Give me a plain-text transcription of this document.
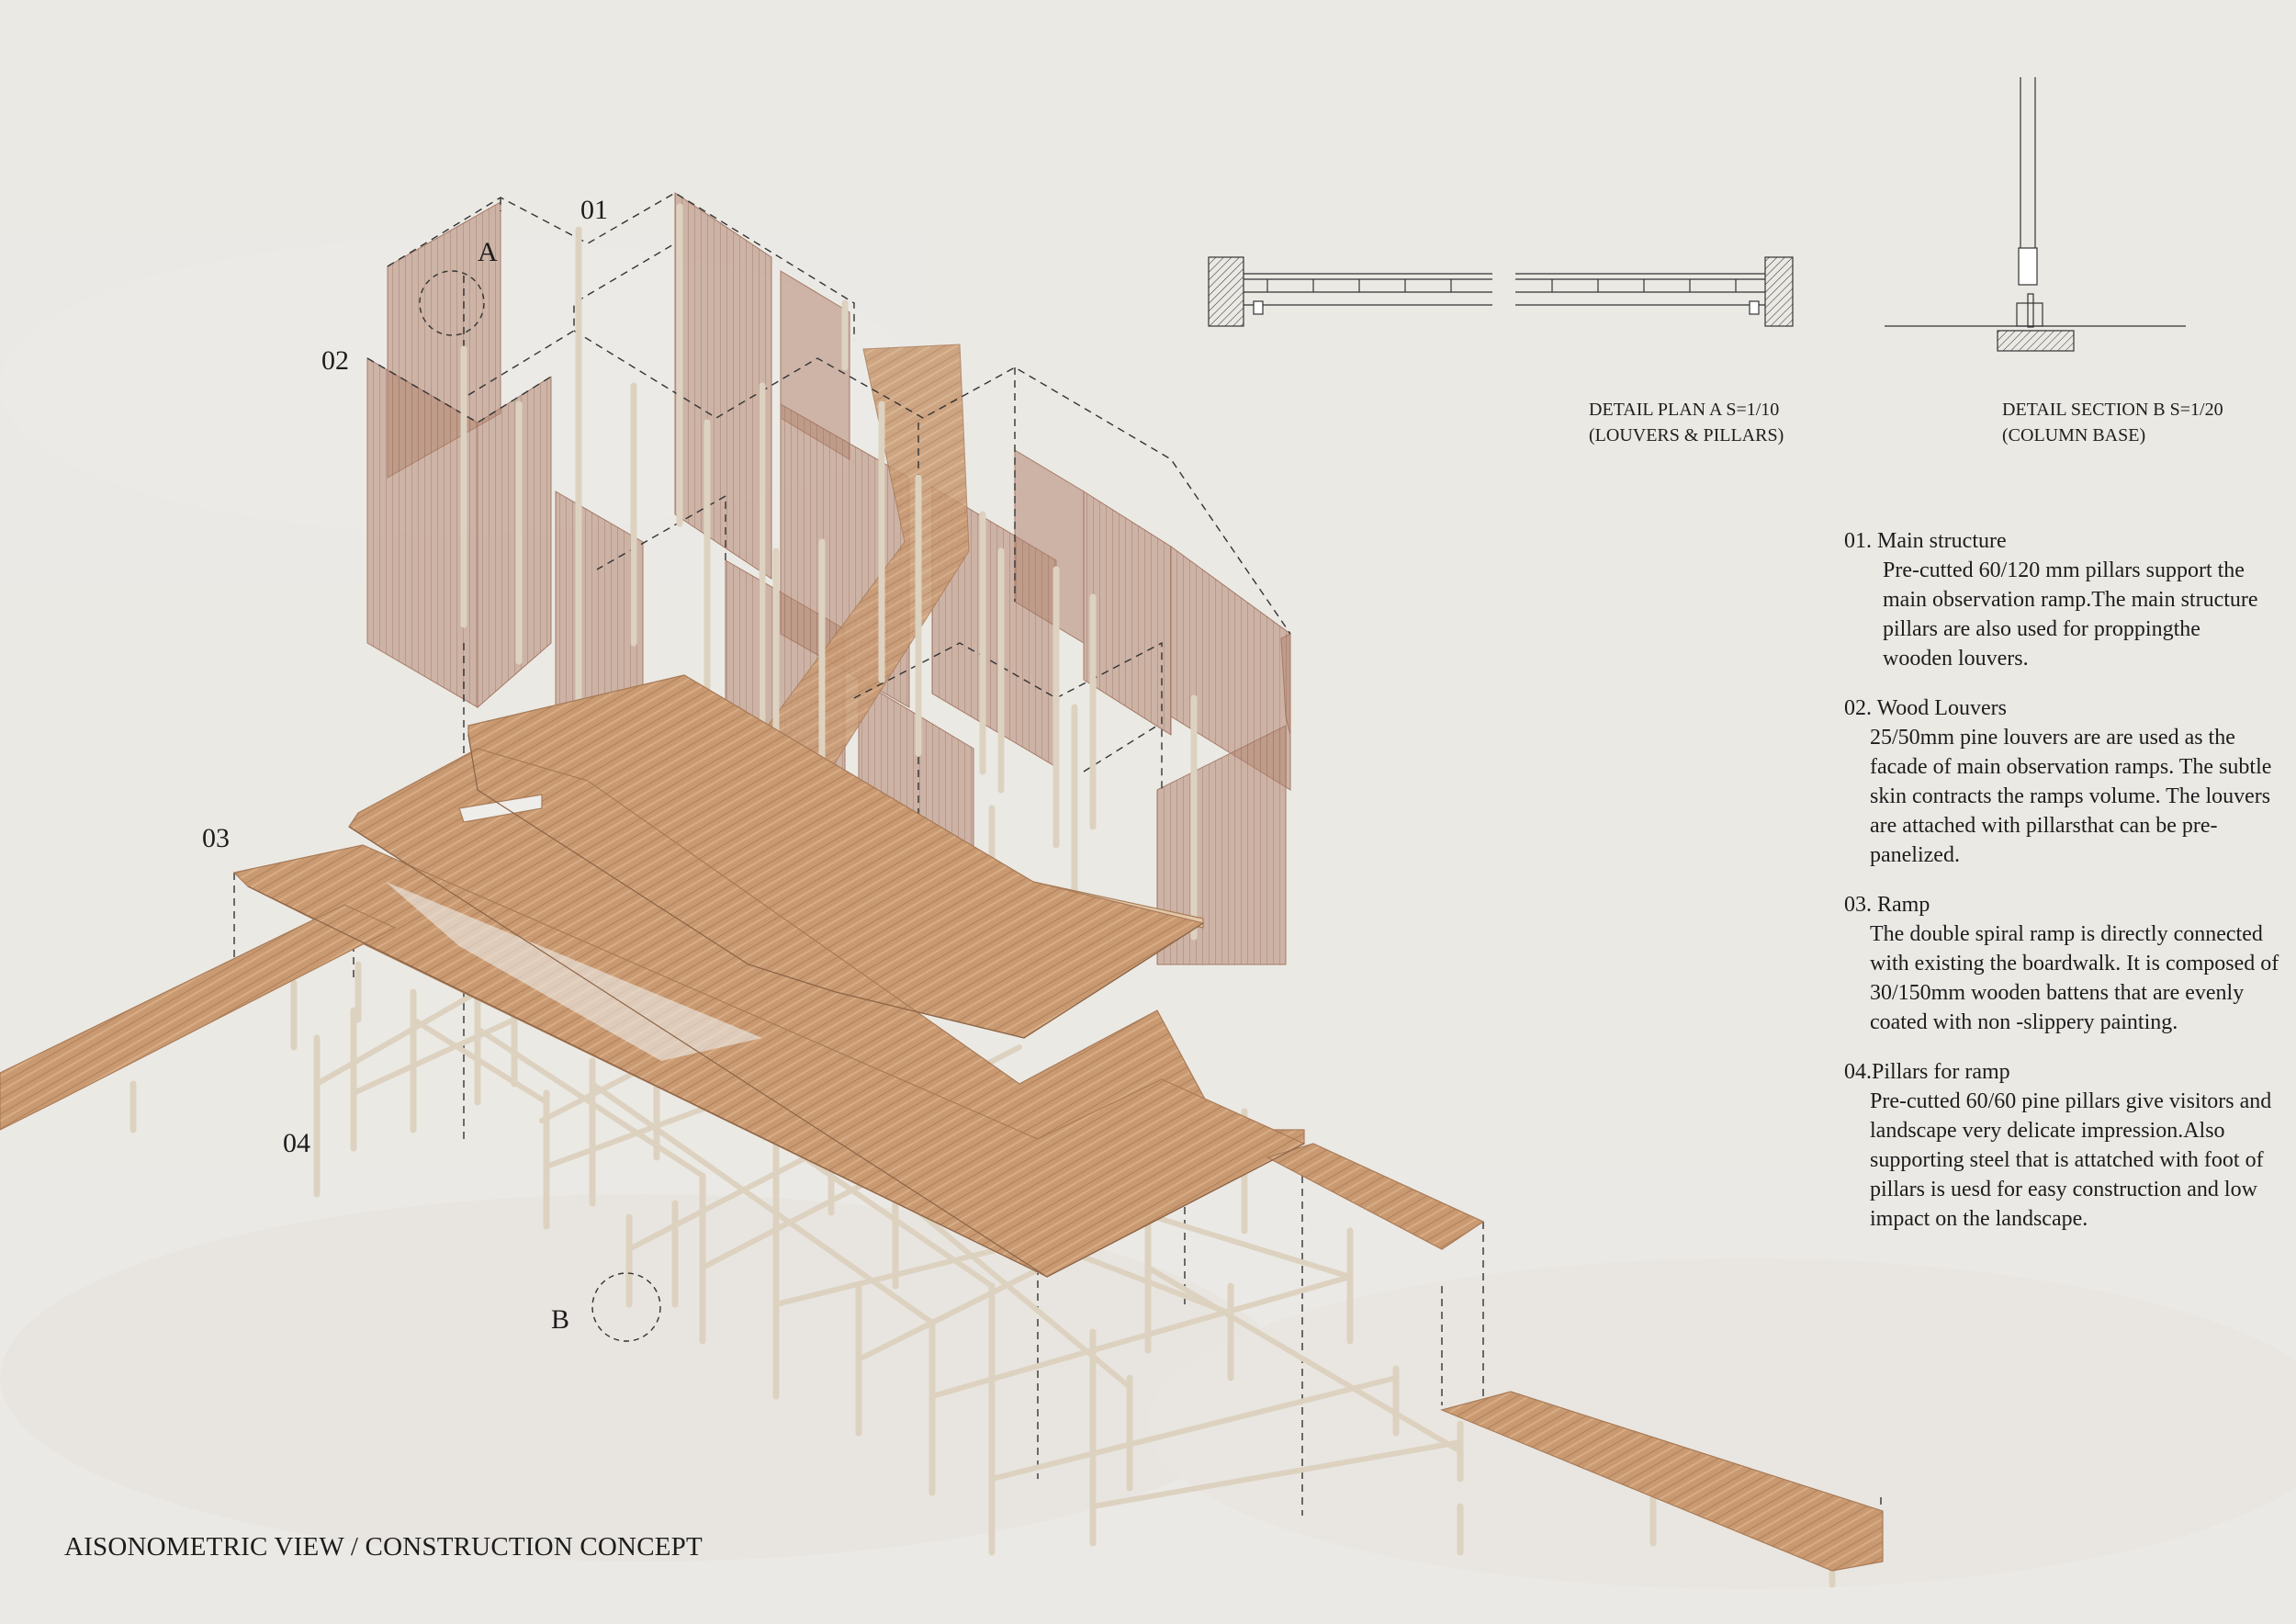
01
A
02
03
04
B
DETAIL PLAN A S=1/10
(LOUVERS & PILLARS)
DETAIL SECTION B S=1/20
(COLUMN BASE)
01. Main structure
Pre-cutted 60/120 mm pillars support the main observation ramp.The main structure pillars are also used for proppingthe wooden louvers.
02. Wood Louvers
25/50mm pine louvers are are used as the facade of main observation ramps. The subtle skin contracts the ramps volume. The louvers are attached with pillarsthat can be pre-panelized.
03. Ramp
The double spiral ramp is directly connected with existing the boardwalk. It is composed of 30/150mm wooden battens that are evenly coated with non -slippery painting.
04.Pillars for ramp
Pre-cutted 60/60 pine pillars give visitors and landscape very delicate impression.Also supporting steel that is attatched with foot of pillars is uesd for easy construction and low impact on the landscape.
AISONOMETRIC VIEW / CONSTRUCTION CONCEPT
